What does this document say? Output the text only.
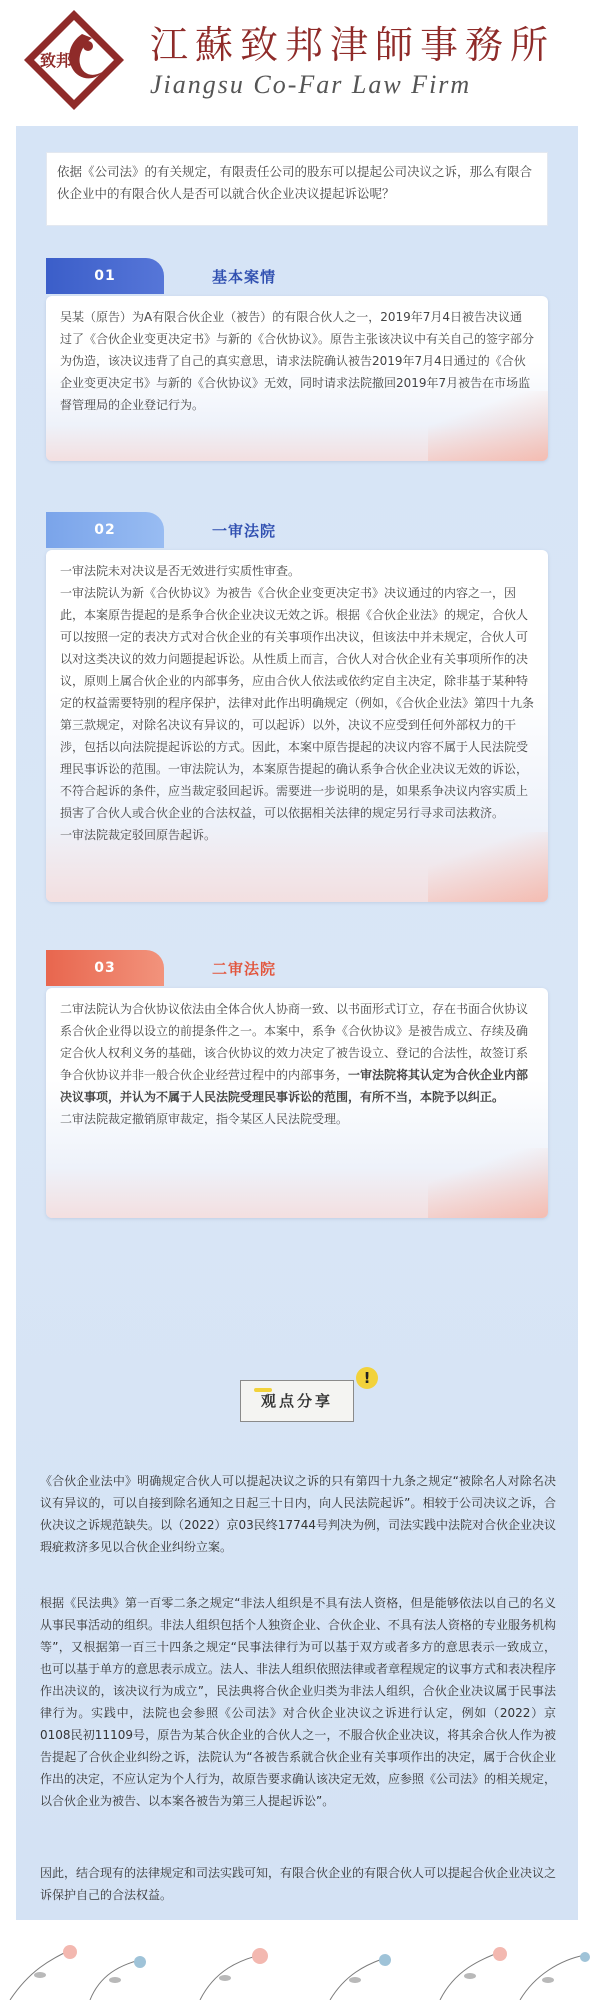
致邦 江蘇致邦津師事務所
Jiangsu Co-Far Law Firm
依据《公司法》的有关规定，有限责任公司的股东可以提起公司决议之诉，那么有限合伙企业中的有限合伙人是否可以就合伙企业决议提起诉讼呢？
01	基本案情

吴某（原告）为A有限合伙企业（被告）的有限合伙人之一，2019年7月4日被告决议通过了《合伙企业变更决定书》与新的《合伙协议》。原告主张该决议中有关自己的签字部分为伪造，该决议违背了自己的真实意思，请求法院确认被告2019年7月4日通过的《合伙企业变更决定书》与新的《合伙协议》无效，同时请求法院撤回2019年7月被告在市场监督管理局的企业登记行为。

02	一审法院

一审法院未对决议是否无效进行实质性审查。

一审法院认为新《合伙协议》为被告《合伙企业变更决定书》决议通过的内容之一，因此，本案原告提起的是系争合伙企业决议无效之诉。根据《合伙企业法》的规定，合伙人可以按照一定的表决方式对合伙企业的有关事项作出决议，但该法中并未规定，合伙人可以对这类决议的效力问题提起诉讼。从性质上而言，合伙人对合伙企业有关事项所作的决议，原则上属合伙企业的内部事务，应由合伙人依法或依约定自主决定，除非基于某种特定的权益需要特别的程序保护，法律对此作出明确规定（例如，《合伙企业法》第四十九条第三款规定，对除名决议有异议的，可以起诉）以外，决议不应受到任何外部权力的干涉，包括以向法院提起诉讼的方式。因此，本案中原告提起的决议内容不属于人民法院受理民事诉讼的范围。一审法院认为，本案原告提起的确认系争合伙企业决议无效的诉讼，不符合起诉的条件，应当裁定驳回起诉。需要进一步说明的是，如果系争决议内容实质上损害了合伙人或合伙企业的合法权益，可以依据相关法律的规定另行寻求司法救济。

一审法院裁定驳回原告起诉。

03	二审法院

二审法院认为合伙协议依法由全体合伙人协商一致、以书面形式订立，存在书面合伙协议系合伙企业得以设立的前提条件之一。本案中，系争《合伙协议》是被告成立、存续及确定合伙人权利义务的基础，该合伙协议的效力决定了被告设立、登记的合法性，故签订系争合伙协议并非一般合伙企业经营过程中的内部事务，一审法院将其认定为合伙企业内部决议事项，并认为不属于人民法院受理民事诉讼的范围，有所不当，本院予以纠正。

二审法院裁定撤销原审裁定，指令某区人民法院受理。

观点分享
!
《合伙企业法中》明确规定合伙人可以提起决议之诉的只有第四十九条之规定“被除名人对除名决议有异议的，可以自接到除名通知之日起三十日内，向人民法院起诉”。相较于公司决议之诉，合伙决议之诉规范缺失。以（2022）京03民终17744号判决为例，司法实践中法院对合伙企业决议瑕疵救济多见以合伙企业纠纷立案。
根据《民法典》第一百零二条之规定“非法人组织是不具有法人资格，但是能够依法以自己的名义从事民事活动的组织。非法人组织包括个人独资企业、合伙企业、不具有法人资格的专业服务机构等”，又根据第一百三十四条之规定“民事法律行为可以基于双方或者多方的意思表示一致成立，也可以基于单方的意思表示成立。法人、非法人组织依照法律或者章程规定的议事方式和表决程序作出决议的，该决议行为成立”，民法典将合伙企业归类为非法人组织，合伙企业决议属于民事法律行为。实践中，法院也会参照《公司法》对合伙企业决议之诉进行认定，例如（2022）京0108民初11109号，原告为某合伙企业的合伙人之一，不服合伙企业决议，将其余合伙人作为被告提起了合伙企业纠纷之诉，法院认为“各被告系就合伙企业有关事项作出的决定，属于合伙企业作出的决定，不应认定为个人行为，故原告要求确认该决定无效，应参照《公司法》的相关规定，以合伙企业为被告、以本案各被告为第三人提起诉讼”。
因此，结合现有的法律规定和司法实践可知，有限合伙企业的有限合伙人可以提起合伙企业决议之诉保护自己的合法权益。
